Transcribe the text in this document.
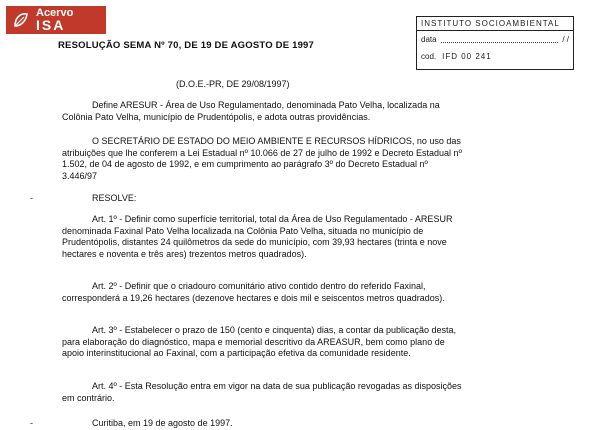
Acervo
ISA	INSTITUTO SOCIOAMBIENTAL
data	/ /
cod. IFD 00 241
RESOLUÇÃO SEMA Nº 70, DE 19 DE AGOSTO DE 1997
(D.O.E.-PR, DE 29/08/1997)
Define ARESUR - Área de Uso Regulamentado, denominada Pato Velha, localizada na Colônia Pato Velha, município de Prudentópolis, e adota outras providências.
O SECRETÁRIO DE ESTADO DO MEIO AMBIENTE E RECURSOS HÍDRICOS, no uso das atribuições que lhe conferem a Lei Estadual nº 10.066 de 27 de julho de 1992 e Decreto Estadual nº 1.502, de 04 de agosto de 1992, e em cumprimento ao parágrafo 3º do Decreto Estadual nº 3.446/97
RESOLVE:
Art. 1º - Definir como superfície territorial, total da Área de Uso Regulamentado - ARESUR denominada Faxinal Pato Velha localizada na Colônia Pato Velha, situada no município de Prudentópolis, distantes 24 quilômetros da sede do município, com 39,93 hectares (trinta e nove hectares e noventa e três ares) trezentos metros quadrados).
Art. 2º - Definir que o criadouro comunitário ativo contido dentro do referido Faxinal, corresponderá a 19,26 hectares (dezenove hectares e dois mil e seiscentos metros quadrados).
Art. 3º - Estabelecer o prazo de 150 (cento e cinquenta) dias, a contar da publicação desta, para elaboração do diagnóstico, mapa e memorial descritivo da AREASUR, bem como plano de apoio interinstitucional ao Faxinal, com a participação efetiva da comunidade residente.
Art. 4º - Esta Resolução entra em vigor na data de sua publicação revogadas as disposições em contrário.
Curitiba, em 19 de agosto de 1997.
-
-
